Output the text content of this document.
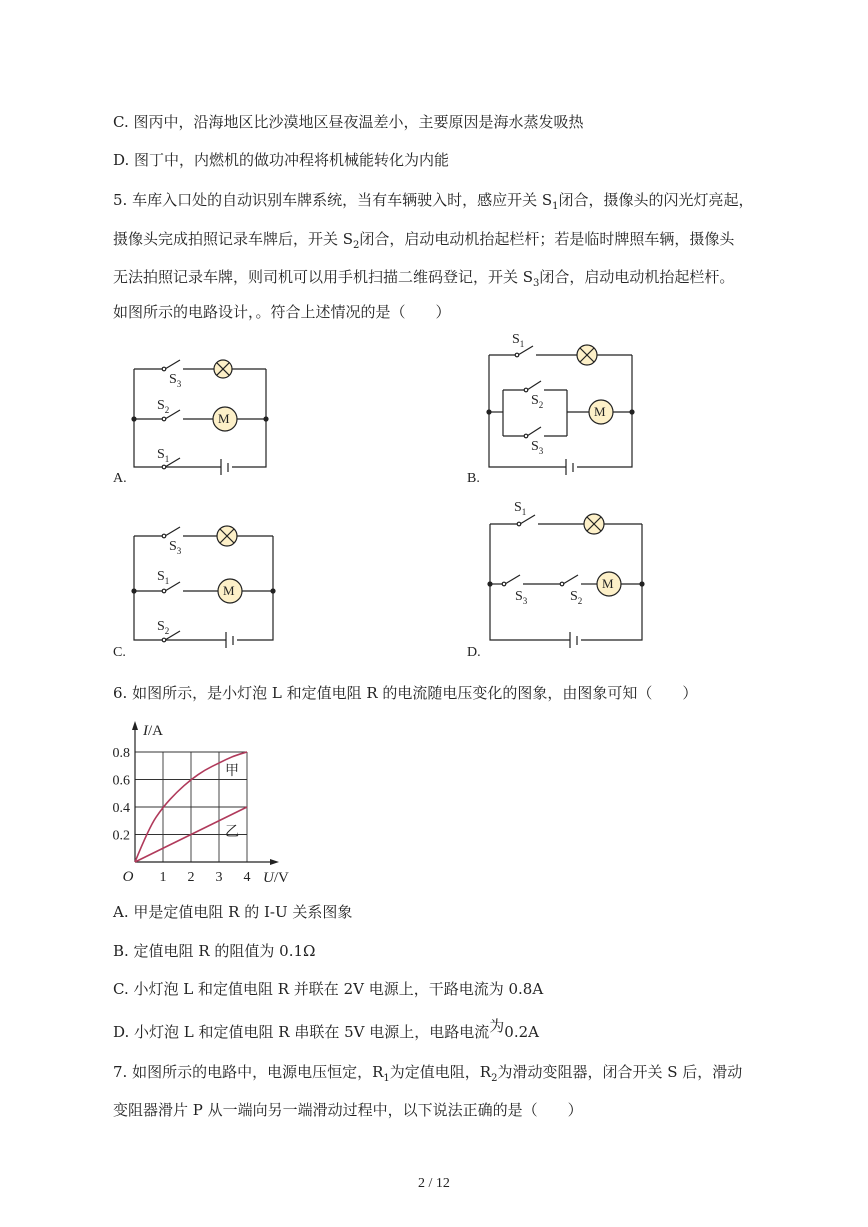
C. 图丙中，沿海地区比沙漠地区昼夜温差小，主要原因是海水蒸发吸热
D. 图丁中，内燃机的做功冲程将机械能转化为内能
5. 车库入口处的自动识别车牌系统，当有车辆驶入时，感应开关 $S_1$闭合，摄像头的闪光灯亮起，
摄像头完成拍照记录车牌后，开关 $S_2$闭合，启动电动机抬起栏杆；若是临时牌照车辆，摄像头
无法拍照记录车牌，则司机可以用手机扫描二维码登记，开关 $S_3$闭合，启动电动机抬起栏杆。
如图所示的电路设计，。符合上述情况的是（　　）
$S_3$
$S_2$
$S_1$
M
A.
$S_1$
$S_2$
$S_3$
M
B.
$S_3$
$S_1$
$S_2$
M
C.
$S_1$
$S_3$	$S_2$
M
D.
6. 如图所示，是小灯泡 L 和定值电阻 R 的电流随电压变化的图象，由图象可知（　　）
1 2 3 4
0.2
0.4
0.6
0.8
O
I/A
U/V
甲
乙
A. 甲是定值电阻 R 的 I-U 关系图象
B. 定值电阻 R 的阻值为 0.1Ω
C. 小灯泡 L 和定值电阻 R 并联在 2V 电源上，干路电流为 0.8A
D. 小灯泡 L 和定值电阻 R 串联在 5V 电源上，电路电流为0.2A
7. 如图所示的电路中，电源电压恒定，$R_1$为定值电阻，$R_2$为滑动变阻器，闭合开关 S 后，滑动
变阻器滑片 P 从一端向另一端滑动过程中，以下说法正确的是（　　）
2 / 12
